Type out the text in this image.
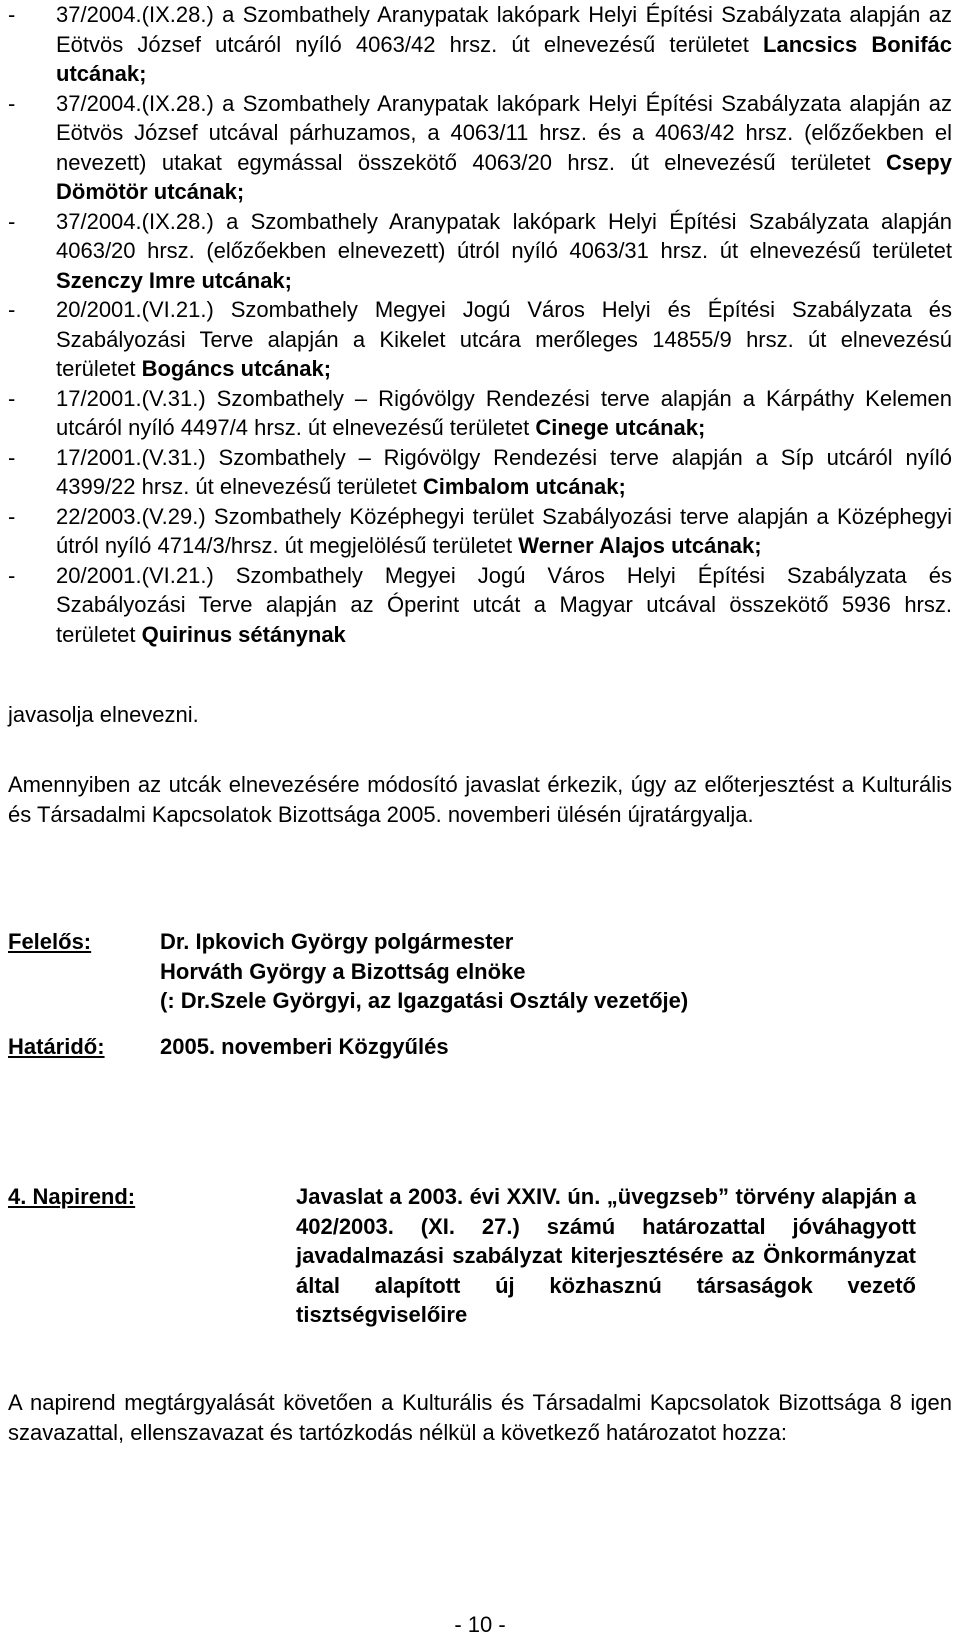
- 37/2004.(IX.28.) a Szombathely Aranypatak lakópark Helyi Építési Szabályzata alapján az Eötvös József utcáról nyíló 4063/42 hrsz. út elnevezésű területet Lancsics Bonifác utcának;
- 37/2004.(IX.28.) a Szombathely Aranypatak lakópark Helyi Építési Szabályzata alapján az Eötvös József utcával párhuzamos, a 4063/11 hrsz. és a 4063/42 hrsz. (előzőekben el nevezett) utakat egymással összekötő 4063/20 hrsz. út elnevezésű területet Csepy Dömötör utcának;
- 37/2004.(IX.28.) a Szombathely Aranypatak lakópark Helyi Építési Szabályzata alapján 4063/20 hrsz. (előzőekben elnevezett) útról nyíló 4063/31 hrsz. út elnevezésű területet Szenczy Imre utcának;
- 20/2001.(VI.21.) Szombathely Megyei Jogú Város Helyi és Építési Szabályzata és Szabályozási Terve alapján a Kikelet utcára merőleges 14855/9 hrsz. út elnevezésú területet Bogáncs utcának;
- 17/2001.(V.31.) Szombathely – Rigóvölgy Rendezési terve alapján a Kárpáthy Kelemen utcáról nyíló 4497/4 hrsz. út elnevezésű területet Cinege utcának;
- 17/2001.(V.31.) Szombathely – Rigóvölgy Rendezési terve alapján a Síp utcáról nyíló 4399/22 hrsz. út elnevezésű területet Cimbalom utcának;
- 22/2003.(V.29.) Szombathely Középhegyi terület Szabályozási terve alapján a Középhegyi útról nyíló 4714/3/hrsz. út megjelölésű területet Werner Alajos utcának;
- 20/2001.(VI.21.) Szombathely Megyei Jogú Város Helyi Építési Szabályzata és Szabályozási Terve alapján az Óperint utcát a Magyar utcával összekötő 5936 hrsz. területet Quirinus sétánynak
javasolja elnevezni.
Amennyiben az utcák elnevezésére módosító javaslat érkezik, úgy az előterjesztést a Kulturális és Társadalmi Kapcsolatok Bizottsága 2005. novemberi ülésén újratárgyalja.
Felelős:	Dr. Ipkovich György polgármester
Horváth György a Bizottság elnöke
(: Dr.Szele Györgyi, az Igazgatási Osztály vezetője)
Határidő:	2005. novemberi Közgyűlés
4. Napirend:	Javaslat a 2003. évi XXIV. ún. „üvegzseb” törvény alapján a 402/2003. (XI. 27.) számú határozattal jóváhagyott javadalmazási szabályzat kiterjesztésére az Önkormányzat által alapított új közhasznú társaságok vezető tisztségviselőire
A napirend megtárgyalását követően a Kulturális és Társadalmi Kapcsolatok Bizottsága 8 igen szavazattal, ellenszavazat és tartózkodás nélkül a következő határozatot hozza:
- 10 -
